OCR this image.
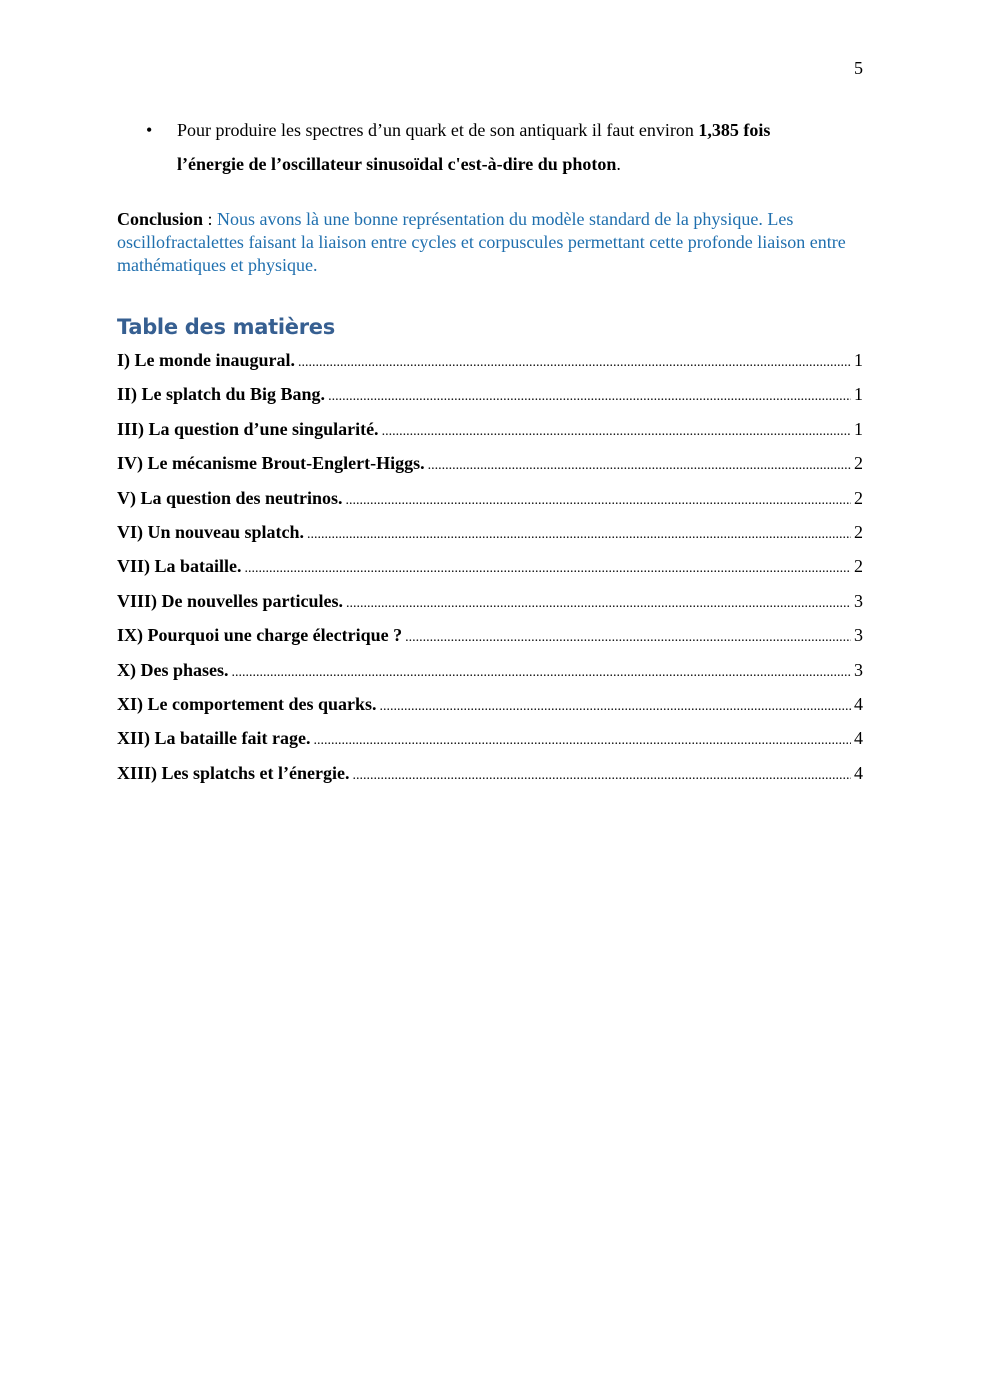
5
• Pour produire les spectres d’un quark et de son antiquark il faut environ 1,385 fois
l’énergie de l’oscillateur sinusoïdal c'est-à-dire du photon.
Conclusion : Nous avons là une bonne représentation du modèle standard de la physique. Les oscillofractalettes faisant la liaison entre cycles et corpuscules permettant cette profonde liaison entre mathématiques et physique.
Table des matières
I) Le monde inaugural. .....	1
II) Le splatch du Big Bang. .....	1
III) La question d’une singularité. .....	1
IV) Le mécanisme Brout-Englert-Higgs. .....	2
V) La question des neutrinos. .....	2
VI) Un nouveau splatch. .....	2
VII) La bataille. .....	2
VIII) De nouvelles particules. .....	3
IX) Pourquoi une charge électrique ? .....	3
X) Des phases. .....	3
XI) Le comportement des quarks. .....	4
XII) La bataille fait rage. .....	4
XIII) Les splatchs et l’énergie. .....	4
